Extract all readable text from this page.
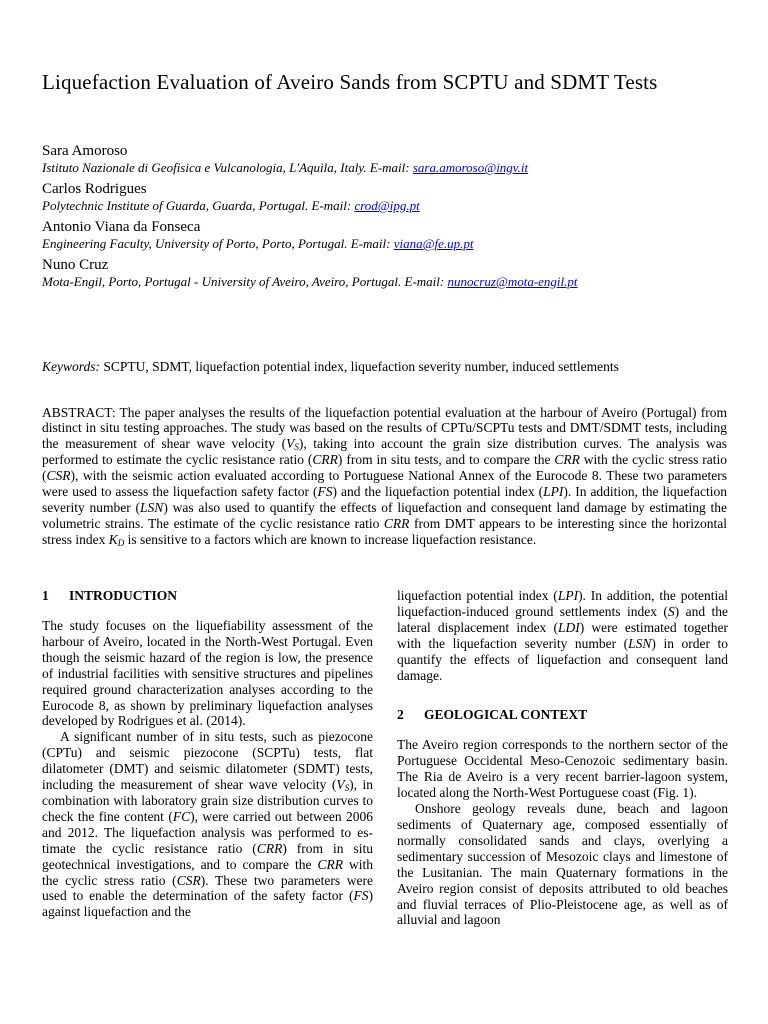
Liquefaction Evaluation of Aveiro Sands from SCPTU and SDMT Tests
Sara Amoroso
Istituto Nazionale di Geofisica e Vulcanologia, L'Aquila, Italy. E-mail: sara.amoroso@ingv.it
Carlos Rodrigues
Polytechnic Institute of Guarda, Guarda, Portugal. E-mail: crod@ipg.pt
Antonio Viana da Fonseca
Engineering Faculty, University of Porto, Porto, Portugal. E-mail: viana@fe.up.pt
Nuno Cruz
Mota-Engil, Porto, Portugal - University of Aveiro, Aveiro, Portugal. E-mail: nunocruz@mota-engil.pt
Keywords: SCPTU, SDMT, liquefaction potential index, liquefaction severity number, induced settlements

ABSTRACT: The paper analyses the results of the liquefaction potential evaluation at the harbour of Aveiro (Portugal) from distinct in situ testing approaches. The study was based on the results of CPTu/SCPTu tests and DMT/SDMT tests, including the measurement of shear wave velocity $(V_S)$, taking into account the grain size distribution curves. The analysis was performed to estimate the cyclic resistance ratio (CRR) from in situ tests, and to compare the CRR with the cyclic stress ratio (CSR), with the seismic action evaluated according to Portuguese National Annex of the Eurocode 8. These two parameters were used to assess the liquefaction safety factor (FS) and the liquefaction potential index (LPI). In addition, the liquefaction severity number (LSN) was also used to quantify the effects of liquefaction and consequent land damage by estimating the volumetric strains. The estimate of the cyclic resistance ratio CRR from DMT appears to be interesting since the horizontal stress index $K_D$ is sensitive to a factors which are known to increase liquefaction resistance.

1 INTRODUCTION

The study focuses on the liquefiability assessment of the harbour of Aveiro, located in the North-West Portugal. Even though the seismic hazard of the region is low, the presence of industrial facilities with sensitive structures and pipelines required ground characterization analyses according to the Eurocode 8, as shown by preliminary liquefaction analyses developed by Rodrigues et al. (2014).

A significant number of in situ tests, such as piezocone (CPTu) and seismic piezocone (SCPTu) tests, flat dilatometer (DMT) and seismic dilatometer (SDMT) tests, including the measurement of shear wave velocity $(V_S)$, in combination with laboratory grain size distribution curves to check the fine content (FC), were carried out between 2006 and 2012. The liquefaction analysis was performed to estimate the cyclic resistance ratio (CRR) from in situ geotechnical investigations, and to compare the CRR with the cyclic stress ratio (CSR). These two parameters were used to enable the determination of the safety factor (FS) against liquefaction and the

liquefaction potential index (LPI). In addition, the potential liquefaction-induced ground settlements index (S) and the lateral displacement index (LDI) were estimated together with the liquefaction severity number (LSN) in order to quantify the effects of liquefaction and consequent land damage.

2 GEOLOGICAL CONTEXT

The Aveiro region corresponds to the northern sector of the Portuguese Occidental Meso-Cenozoic sedimentary basin. The Ria de Aveiro is a very recent barrier-lagoon system, located along the North-West Portuguese coast (Fig. 1).

Onshore geology reveals dune, beach and lagoon sediments of Quaternary age, composed essentially of normally consolidated sands and clays, overlying a sedimentary succession of Mesozoic clays and limestone of the Lusitanian. The main Quaternary formations in the Aveiro region consist of deposits attributed to old beaches and fluvial terraces of Plio-Pleistocene age, as well as of alluvial and lagoon
